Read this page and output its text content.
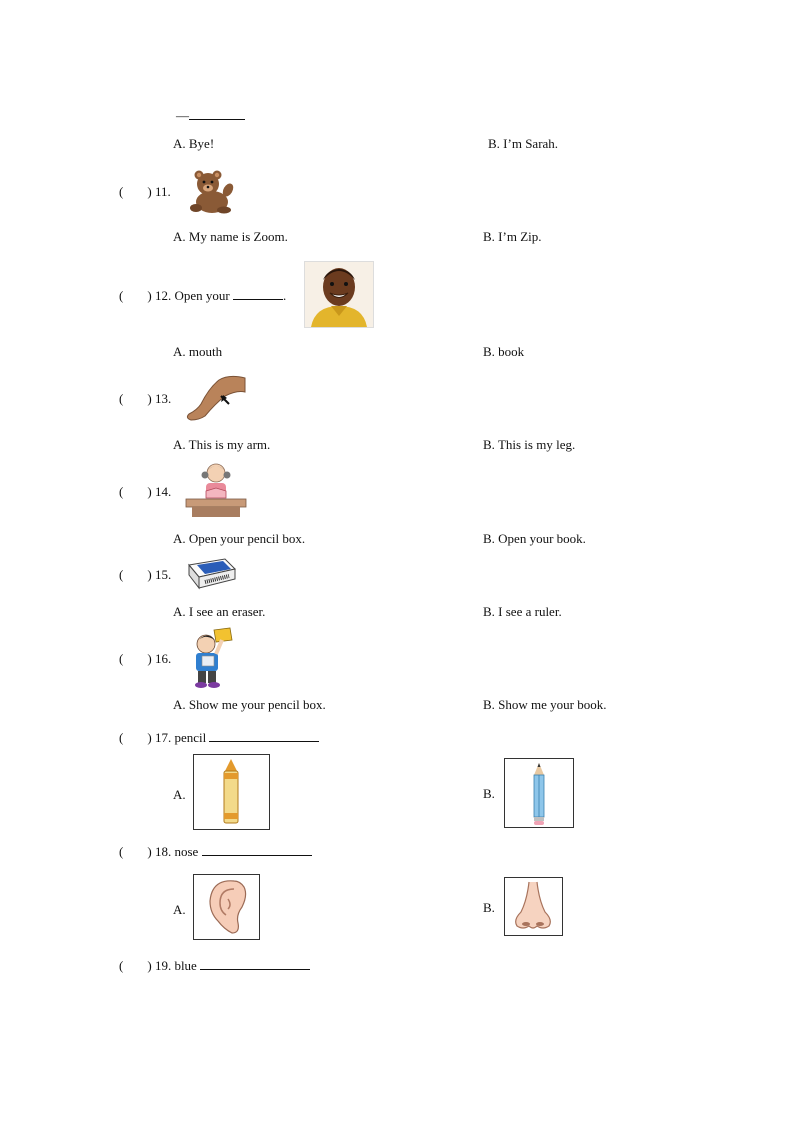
—
A. Bye!	B. I’m Sarah.
( ) 11.
A. My name is Zoom.	B. I’m Zip.
( ) 12. Open your	.
A. mouth	B. book
( ) 13.
A. This is my arm.	B. This is my leg.
( ) 14.
A. Open your pencil box.	B. Open your book.
( ) 15.
A. I see an eraser.	B. I see a ruler.
( ) 16.
A. Show me your pencil box.	B. Show me your book.
( ) 17. pencil
A.	B.
( ) 18. nose
A.	B.
( ) 19. blue
